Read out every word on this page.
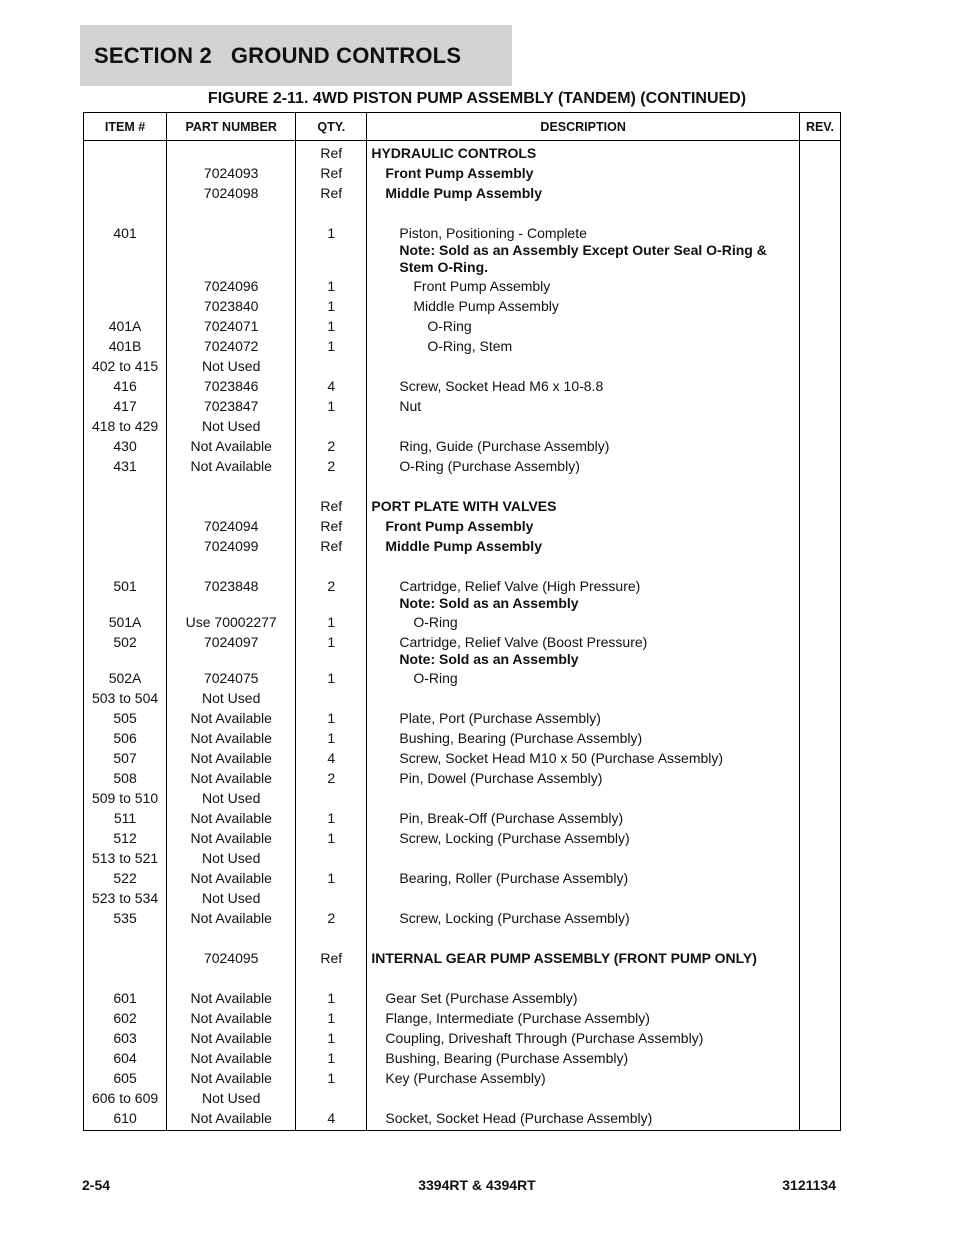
SECTION 2   GROUND CONTROLS
FIGURE 2-11. 4WD PISTON PUMP ASSEMBLY (TANDEM) (CONTINUED)
ITEM #	PART NUMBER	QTY.	DESCRIPTION	REV.

		Ref	HYDRAULIC CONTROLS	

	7024093	Ref	Front Pump Assembly	

	7024098	Ref	Middle Pump Assembly	

401		1	Piston, Positioning - Complete
Note: Sold as an Assembly Except Outer Seal O-Ring & Stem O-Ring.	

	7024096	1	Front Pump Assembly	

	7023840	1	Middle Pump Assembly	

401A	7024071	1	O-Ring	

401B	7024072	1	O-Ring, Stem	

402 to 415	Not Used			

416	7023846	4	Screw, Socket Head M6 x 10-8.8	

417	7023847	1	Nut	

418 to 429	Not Used			

430	Not Available	2	Ring, Guide (Purchase Assembly)	

431	Not Available	2	O-Ring (Purchase Assembly)	

		Ref	PORT PLATE WITH VALVES	

	7024094	Ref	Front Pump Assembly	

	7024099	Ref	Middle Pump Assembly	

501	7023848	2	Cartridge, Relief Valve (High Pressure)
Note: Sold as an Assembly	

501A	Use 70002277	1	O-Ring	

502	7024097	1	Cartridge, Relief Valve (Boost Pressure)
Note: Sold as an Assembly	

502A	7024075	1	O-Ring	

503 to 504	Not Used			

505	Not Available	1	Plate, Port (Purchase Assembly)	

506	Not Available	1	Bushing, Bearing (Purchase Assembly)	

507	Not Available	4	Screw, Socket Head M10 x 50 (Purchase Assembly)	

508	Not Available	2	Pin, Dowel (Purchase Assembly)	

509 to 510	Not Used			

511	Not Available	1	Pin, Break-Off (Purchase Assembly)	

512	Not Available	1	Screw, Locking (Purchase Assembly)	

513 to 521	Not Used			

522	Not Available	1	Bearing, Roller (Purchase Assembly)	

523 to 534	Not Used			

535	Not Available	2	Screw, Locking (Purchase Assembly)	

	7024095	Ref	INTERNAL GEAR PUMP ASSEMBLY (FRONT PUMP ONLY)	

601	Not Available	1	Gear Set (Purchase Assembly)	

602	Not Available	1	Flange, Intermediate (Purchase Assembly)	

603	Not Available	1	Coupling, Driveshaft Through (Purchase Assembly)	

604	Not Available	1	Bushing, Bearing (Purchase Assembly)	

605	Not Available	1	Key (Purchase Assembly)	

606 to 609	Not Used			

610	Not Available	4	Socket, Socket Head (Purchase Assembly)	

2-54	3394RT & 4394RT	3121134
